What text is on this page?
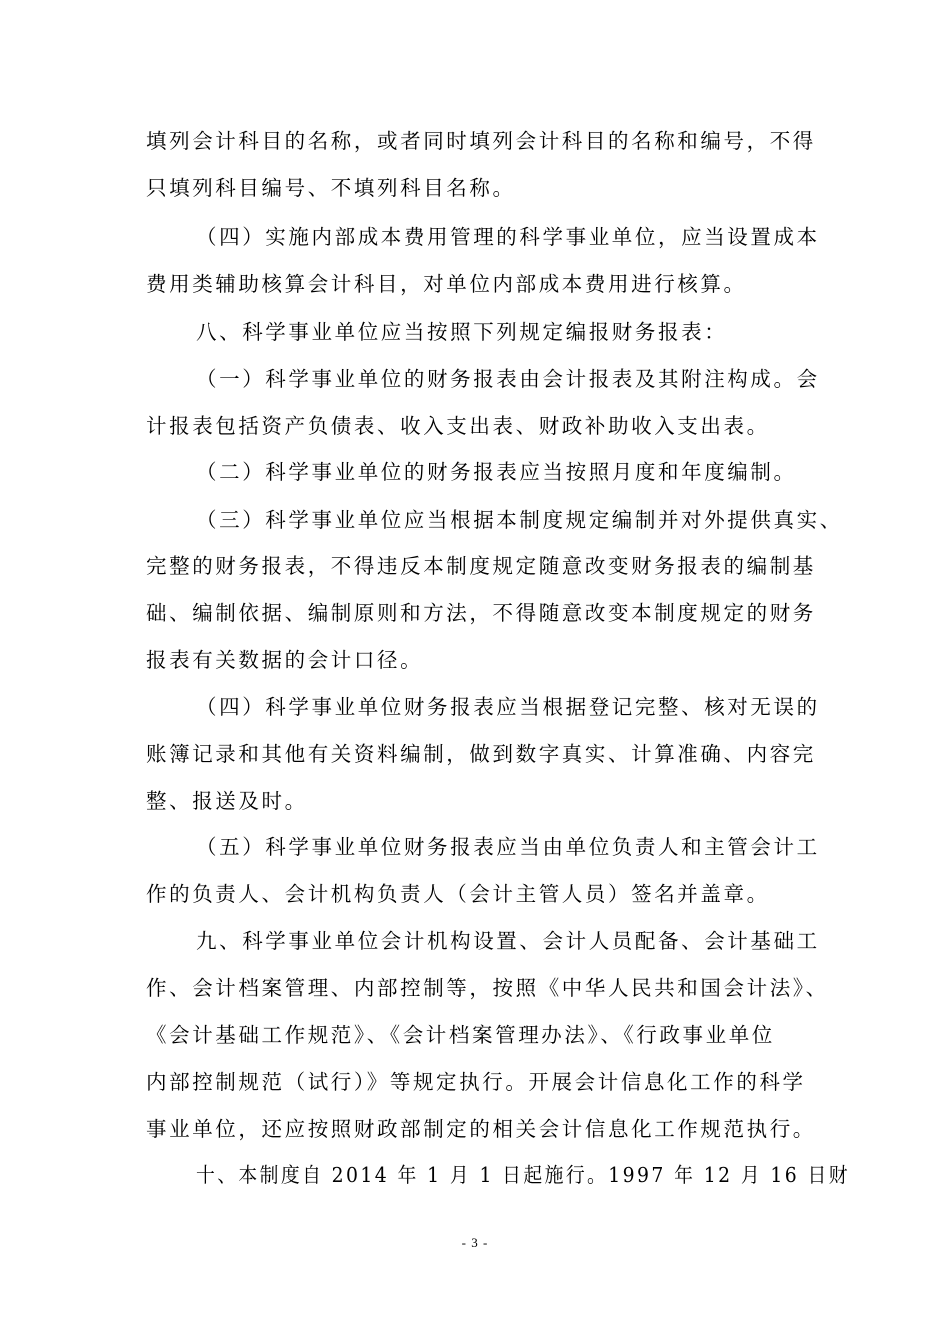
填列会计科目的名称，或者同时填列会计科目的名称和编号，不得
只填列科目编号、不填列科目名称。
（四）实施内部成本费用管理的科学事业单位，应当设置成本
费用类辅助核算会计科目，对单位内部成本费用进行核算。
八、科学事业单位应当按照下列规定编报财务报表：
（一）科学事业单位的财务报表由会计报表及其附注构成。会
计报表包括资产负债表、收入支出表、财政补助收入支出表。
（二）科学事业单位的财务报表应当按照月度和年度编制。
（三）科学事业单位应当根据本制度规定编制并对外提供真实、
完整的财务报表，不得违反本制度规定随意改变财务报表的编制基
础、编制依据、编制原则和方法，不得随意改变本制度规定的财务
报表有关数据的会计口径。
（四）科学事业单位财务报表应当根据登记完整、核对无误的
账簿记录和其他有关资料编制，做到数字真实、计算准确、内容完
整、报送及时。
（五）科学事业单位财务报表应当由单位负责人和主管会计工
作的负责人、会计机构负责人（会计主管人员）签名并盖章。
九、科学事业单位会计机构设置、会计人员配备、会计基础工
作、会计档案管理、内部控制等，按照《中华人民共和国会计法》、
《会计基础工作规范》、《会计档案管理办法》、《行政事业单位
内部控制规范（试行）》等规定执行。开展会计信息化工作的科学
事业单位，还应按照财政部制定的相关会计信息化工作规范执行。
十、本制度自 2014 年 1 月 1 日起施行。1997 年 12 月 16 日财
- 3 -
